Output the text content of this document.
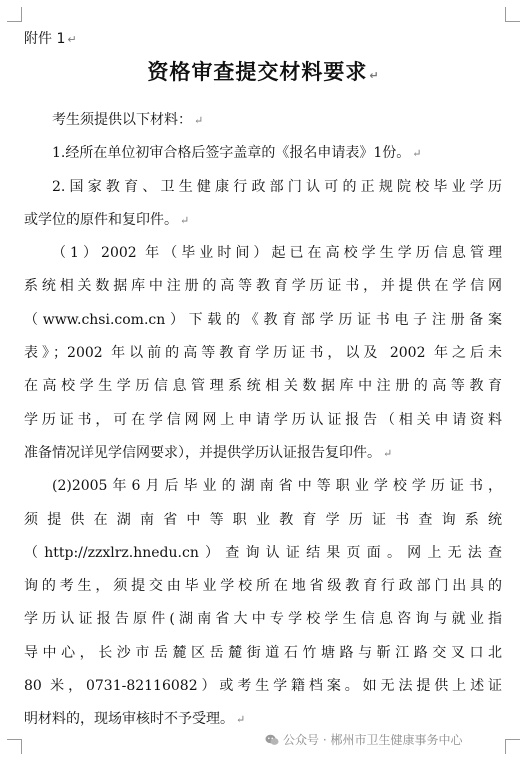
附件 1 ↵
资格审查提交材料要求 ↵
考生须提供以下材料： ↵
1.经所在单位初审合格后签字盖章的《报名申请表》1份。 ↵
2.国家教育、卫生健康行政部门认可的正规院校毕业学历
或学位的原件和复印件。 ↵
（1）2002 年（毕业时间）起已在高校学生学历信息管理
系统相关数据库中注册的高等教育学历证书，并提供在学信网
（www.chsi.com.cn）下载的《教育部学历证书电子注册备案
表》；2002 年以前的高等教育学历证书，以及 2002 年之后未
在高校学生学历信息管理系统相关数据库中注册的高等教育
学历证书，可在学信网网上申请学历认证报告（相关申请资料
准备情况详见学信网要求），并提供学历认证报告复印件。 ↵
(2)2005年6月后毕业的湖南省中等职业学校学历证书，
须提供在湖南省中等职业教育学历证书查询系统
（http://zzxlrz.hnedu.cn）查询认证结果页面。网上无法查
询的考生，须提交由毕业学校所在地省级教育行政部门出具的
学历认证报告原件(湖南省大中专学校学生信息咨询与就业指
导中心，长沙市岳麓区岳麓街道石竹塘路与靳江路交叉口北
80 米，0731-82116082）或考生学籍档案。如无法提供上述证
明材料的，现场审核时不予受理。 ↵
公众号 · 郴州市卫生健康事务中心
